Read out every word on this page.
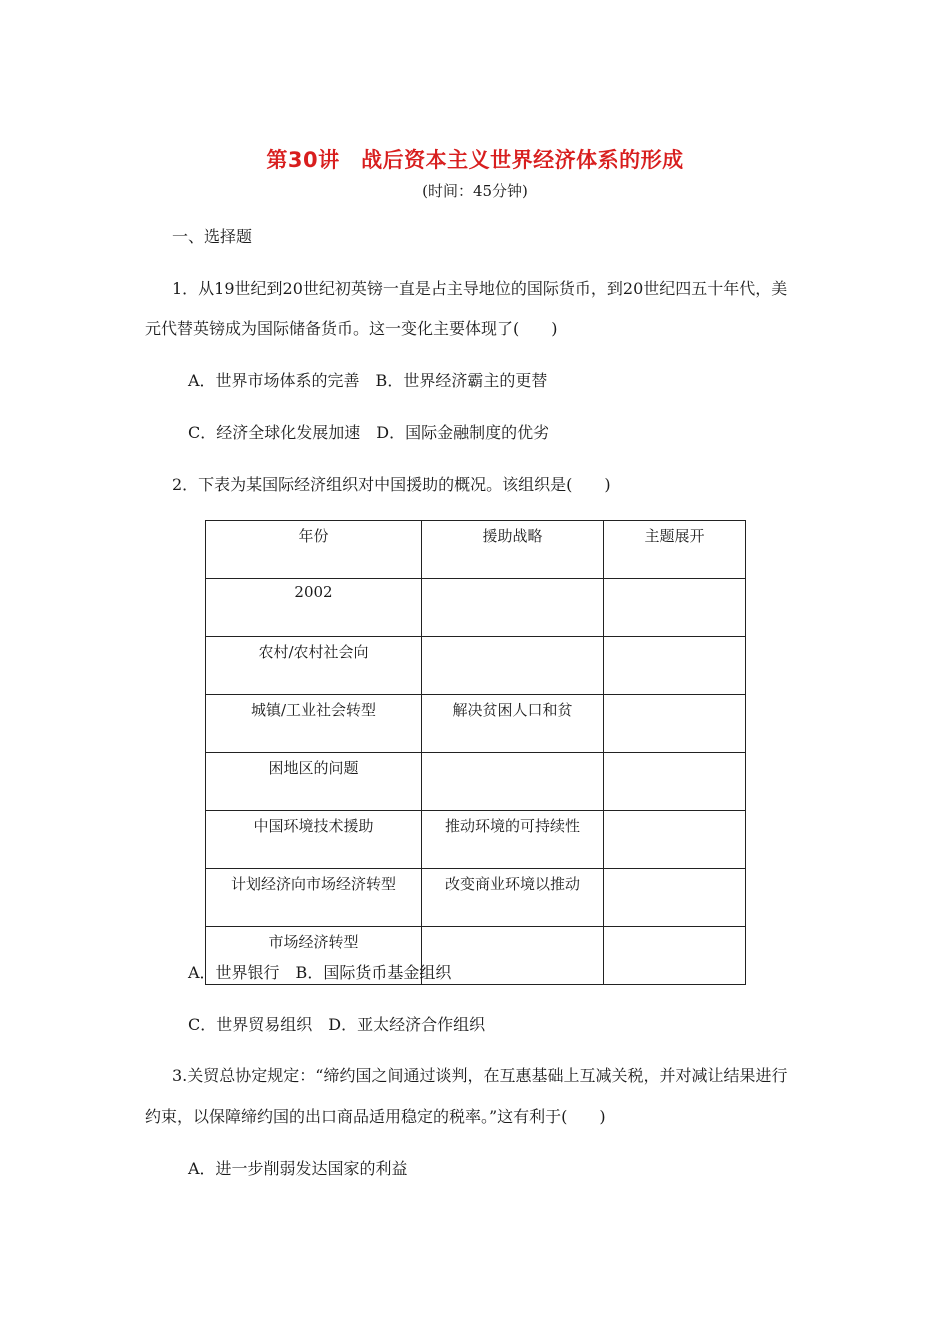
第30讲　战后资本主义世界经济体系的形成
(时间：45分钟)
一、选择题
1．从19世纪到20世纪初英镑一直是占主导地位的国际货币，到20世纪四五十年代，美
元代替英镑成为国际储备货币。这一变化主要体现了(　　)
A．世界市场体系的完善　B．世界经济霸主的更替
C．经济全球化发展加速　D．国际金融制度的优劣
2．下表为某国际经济组织对中国援助的概况。该组织是(　　)
年份	援助战略	主题展开
2002		
农村/农村社会向		
城镇/工业社会转型	解决贫困人口和贫	
困地区的问题		
中国环境技术援助	推动环境的可持续性	
计划经济向市场经济转型	改变商业环境以推动	
市场经济转型		
A．世界银行　B．国际货币基金组织
C．世界贸易组织　D．亚太经济合作组织
3.关贸总协定规定：“缔约国之间通过谈判，在互惠基础上互减关税，并对减让结果进行
约束，以保障缔约国的出口商品适用稳定的税率。”这有利于(　　)
A．进一步削弱发达国家的利益
